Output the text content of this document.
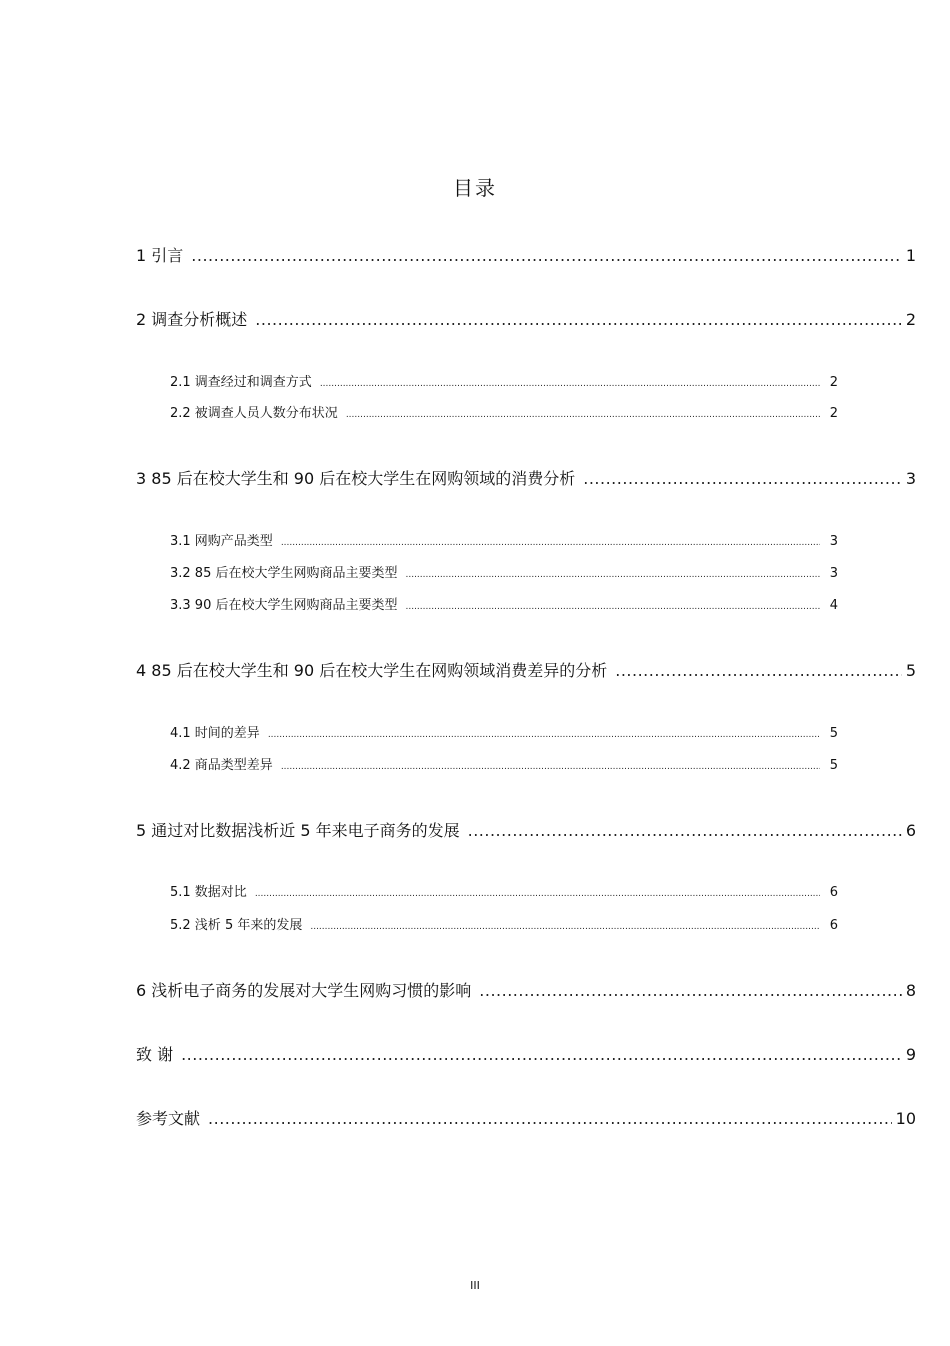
目录
1 引言 .....	1
2 调查分析概述 .....	2
2.1 调查经过和调查方式 .....	2
2.2 被调查人员人数分布状况 .....	2
3 85 后在校大学生和 90 后在校大学生在网购领域的消费分析 .....	3
3.1 网购产品类型 .....	3
3.2 85 后在校大学生网购商品主要类型 .....	3
3.3 90 后在校大学生网购商品主要类型 .....	4
4 85 后在校大学生和 90 后在校大学生在网购领域消费差异的分析 .....	5
4.1 时间的差异 .....	5
4.2 商品类型差异 .....	5
5 通过对比数据浅析近 5 年来电子商务的发展 .....	6
5.1 数据对比 .....	6
5.2 浅析 5 年来的发展 .....	6
6 浅析电子商务的发展对大学生网购习惯的影响 .....	8
致 谢 .....	9
参考文献 .....	10
III
